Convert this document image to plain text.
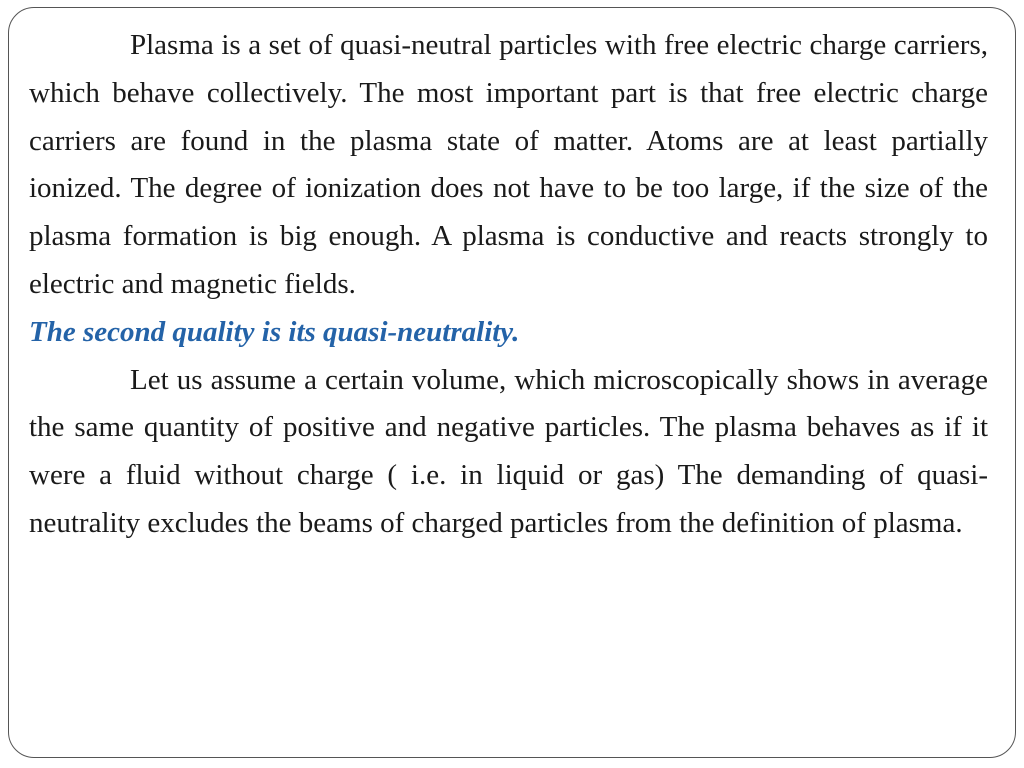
Plasma is a set of quasi-neutral particles with free electric charge carriers, which behave collectively. The most important part is that free electric charge carriers are found in the plasma state of matter. Atoms are at least partially ionized. The degree of ionization does not have to be too large, if the size of the plasma formation is big enough. A plasma is conductive and reacts strongly to electric and magnetic fields.

The second quality is its quasi-neutrality.

Let us assume a certain volume, which microscopically shows in average the same quantity of positive and negative particles. The plasma behaves as if it were a fluid without charge ( i.e. in liquid or gas) The demanding of quasi-neutrality excludes the beams of charged particles from the definition of plasma.
